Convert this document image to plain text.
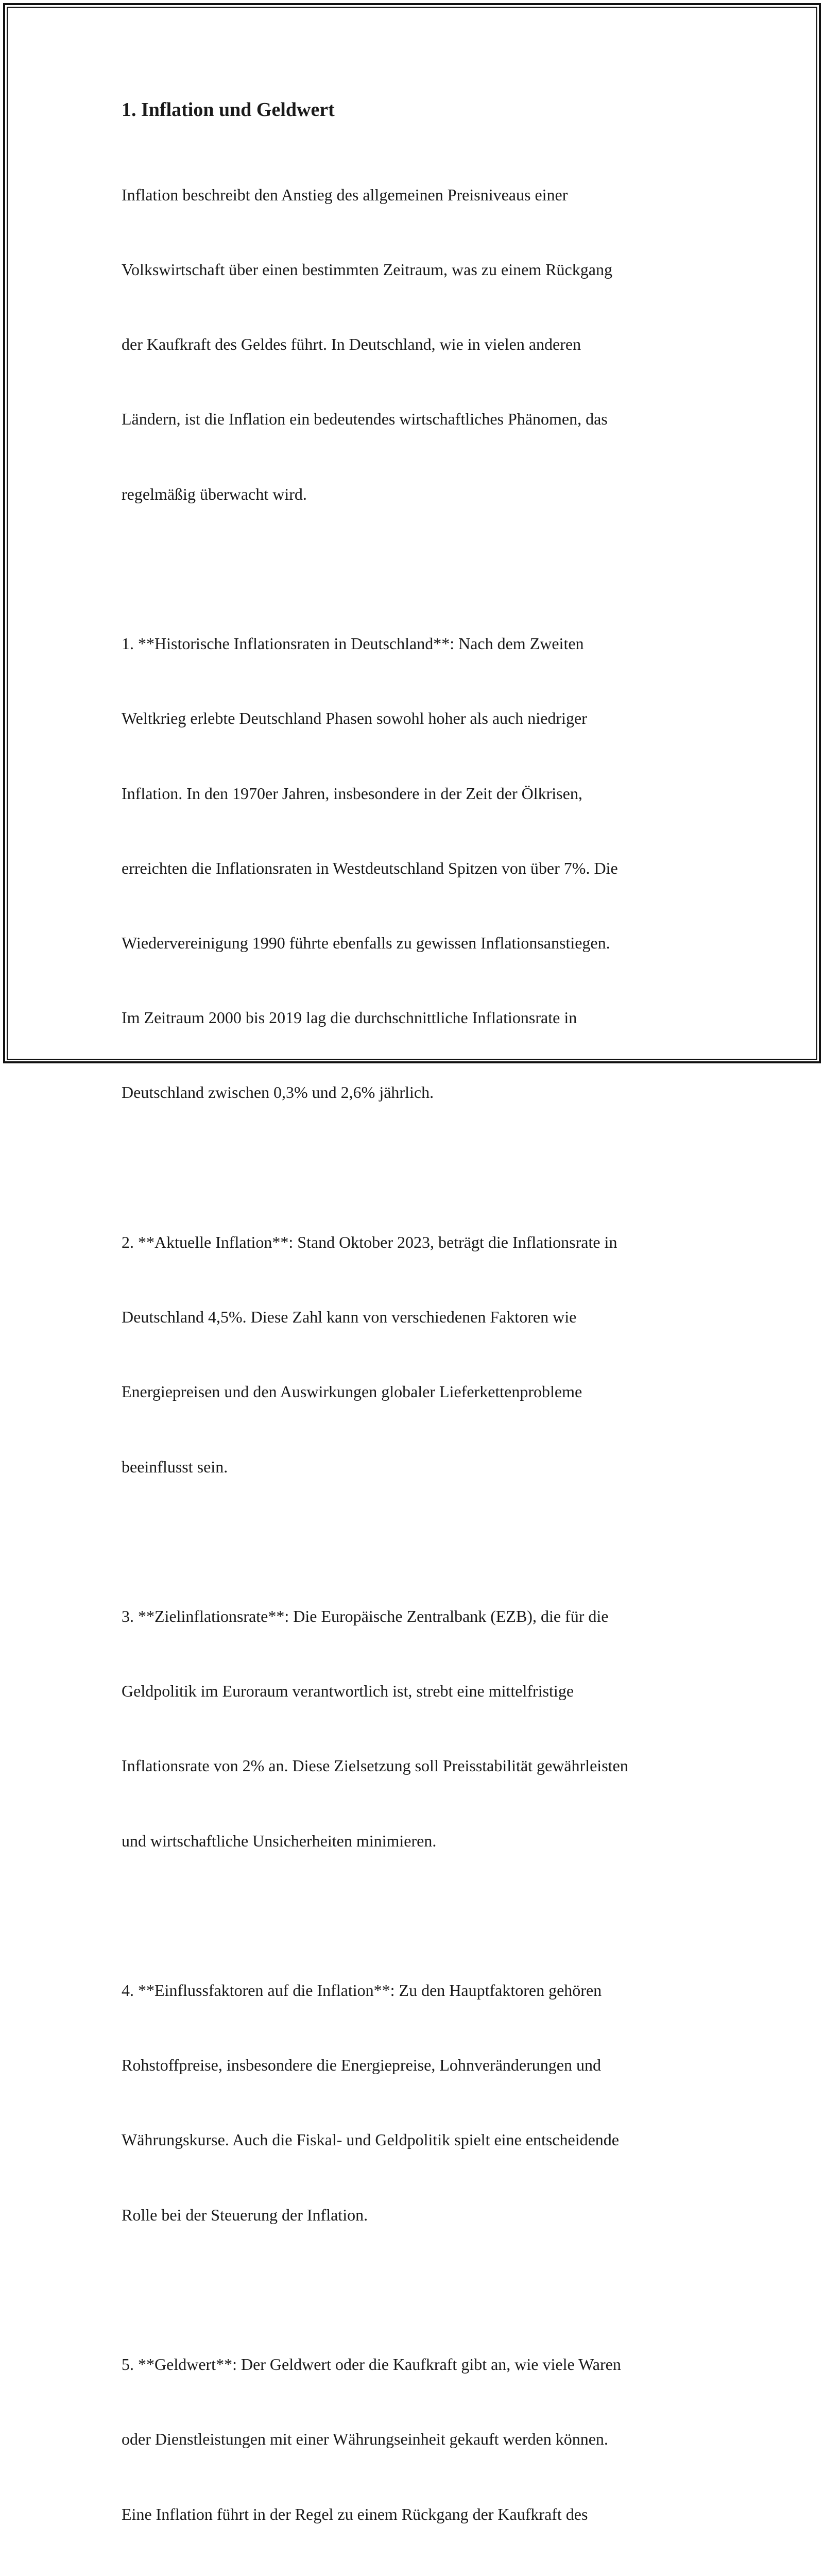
1. Inflation und Geldwert

Inflation beschreibt den Anstieg des allgemeinen Preisniveaus einer

Volkswirtschaft über einen bestimmten Zeitraum, was zu einem Rückgang

der Kaufkraft des Geldes führt. In Deutschland, wie in vielen anderen

Ländern, ist die Inflation ein bedeutendes wirtschaftliches Phänomen, das

regelmäßig überwacht wird.

1. **Historische Inflationsraten in Deutschland**: Nach dem Zweiten

Weltkrieg erlebte Deutschland Phasen sowohl hoher als auch niedriger

Inflation. In den 1970er Jahren, insbesondere in der Zeit der Ölkrisen,

erreichten die Inflationsraten in Westdeutschland Spitzen von über 7%. Die

Wiedervereinigung 1990 führte ebenfalls zu gewissen Inflationsanstiegen.

Im Zeitraum 2000 bis 2019 lag die durchschnittliche Inflationsrate in

Deutschland zwischen 0,3% und 2,6% jährlich.

2. **Aktuelle Inflation**: Stand Oktober 2023, beträgt die Inflationsrate in

Deutschland 4,5%. Diese Zahl kann von verschiedenen Faktoren wie

Energiepreisen und den Auswirkungen globaler Lieferkettenprobleme

beeinflusst sein.

3. **Zielinflationsrate**: Die Europäische Zentralbank (EZB), die für die

Geldpolitik im Euroraum verantwortlich ist, strebt eine mittelfristige

Inflationsrate von 2% an. Diese Zielsetzung soll Preisstabilität gewährleisten

und wirtschaftliche Unsicherheiten minimieren.

4. **Einflussfaktoren auf die Inflation**: Zu den Hauptfaktoren gehören

Rohstoffpreise, insbesondere die Energiepreise, Lohnveränderungen und

Währungskurse. Auch die Fiskal- und Geldpolitik spielt eine entscheidende

Rolle bei der Steuerung der Inflation.

5. **Geldwert**: Der Geldwert oder die Kaufkraft gibt an, wie viele Waren

oder Dienstleistungen mit einer Währungseinheit gekauft werden können.

Eine Inflation führt in der Regel zu einem Rückgang der Kaufkraft des
